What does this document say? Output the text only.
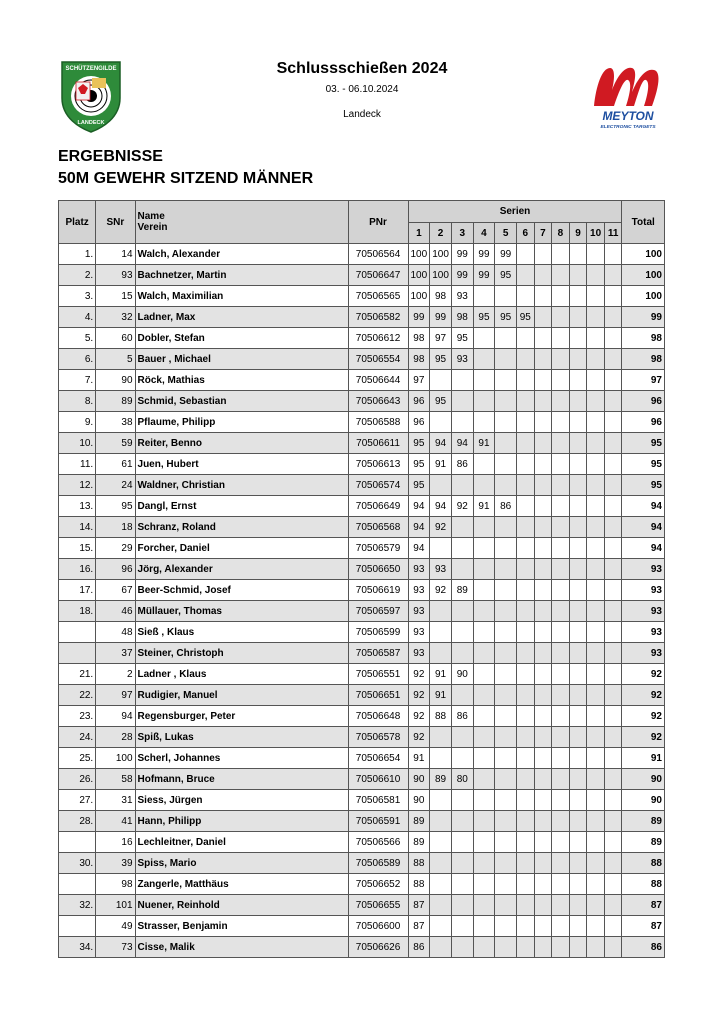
SCHÜTZENGILDE
LANDECK	MEYTON
ELECTRONIC TARGETS
Schlussschießen 2024
03. - 06.10.2024
Landeck
ERGEBNISSE
50M GEWEHR SITZEND MÄNNER
Platz	SNr	Name
Verein	PNr	Serien											Total
				1	2	3	4	5	6	7	8	9	10	11	
1.	14	Walch, Alexander	70506564	100	100	99	99	99							100
2.	93	Bachnetzer, Martin	70506647	100	100	99	99	95							100
3.	15	Walch, Maximilian	70506565	100	98	93									100
4.	32	Ladner, Max	70506582	99	99	98	95	95	95						99
5.	60	Dobler, Stefan	70506612	98	97	95									98
6.	5	Bauer , Michael	70506554	98	95	93									98
7.	90	Röck, Mathias	70506644	97											97
8.	89	Schmid, Sebastian	70506643	96	95										96
9.	38	Pflaume, Philipp	70506588	96											96
10.	59	Reiter, Benno	70506611	95	94	94	91								95
11.	61	Juen, Hubert	70506613	95	91	86									95
12.	24	Waldner, Christian	70506574	95											95
13.	95	Dangl, Ernst	70506649	94	94	92	91	86							94
14.	18	Schranz, Roland	70506568	94	92										94
15.	29	Forcher, Daniel	70506579	94											94
16.	96	Jörg, Alexander	70506650	93	93										93
17.	67	Beer-Schmid, Josef	70506619	93	92	89									93
18.	46	Müllauer, Thomas	70506597	93											93
	48	Sieß , Klaus	70506599	93											93
	37	Steiner, Christoph	70506587	93											93
21.	2	Ladner , Klaus	70506551	92	91	90									92
22.	97	Rudigier, Manuel	70506651	92	91										92
23.	94	Regensburger, Peter	70506648	92	88	86									92
24.	28	Spiß, Lukas	70506578	92											92
25.	100	Scherl, Johannes	70506654	91											91
26.	58	Hofmann, Bruce	70506610	90	89	80									90
27.	31	Siess, Jürgen	70506581	90											90
28.	41	Hann, Philipp	70506591	89											89
	16	Lechleitner, Daniel	70506566	89											89
30.	39	Spiss, Mario	70506589	88											88
	98	Zangerle, Matthäus	70506652	88											88
32.	101	Nuener, Reinhold	70506655	87											87
	49	Strasser, Benjamin	70506600	87											87
34.	73	Cisse, Malik	70506626	86											86
